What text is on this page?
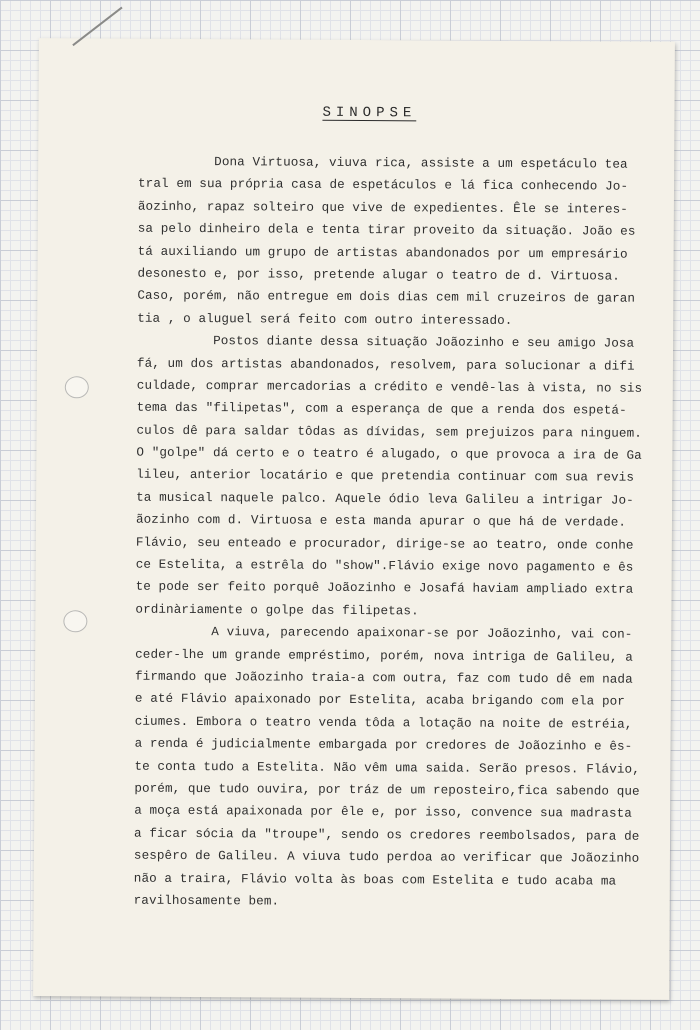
SINOPSE
Dona Virtuosa, viuva rica, assiste a um espetáculo tea
tral em sua própria casa de espetáculos e lá fica conhecendo Jo-
ãozinho, rapaz solteiro que vive de expedientes. Êle se interes-
sa pelo dinheiro dela e tenta tirar proveito da situação. João es
tá auxiliando um grupo de artistas abandonados por um empresário
desonesto e, por isso, pretende alugar o teatro de d. Virtuosa.
Caso, porém, não entregue em dois dias cem mil cruzeiros de garan
tia , o aluguel será feito com outro interessado.
Postos diante dessa situação Joãozinho e seu amigo Josa
fá, um dos artistas abandonados, resolvem, para solucionar a difi
culdade, comprar mercadorias a crédito e vendê-las à vista, no sis
tema das "filipetas", com a esperança de que a renda dos espetá-
culos dê para saldar tôdas as dívidas, sem prejuizos para ninguem.
O "golpe" dá certo e o teatro é alugado, o que provoca a ira de Ga
lileu, anterior locatário e que pretendia continuar com sua revis
ta musical naquele palco. Aquele ódio leva Galileu a intrigar Jo-
ãozinho com d. Virtuosa e esta manda apurar o que há de verdade.
Flávio, seu enteado e procurador, dirige-se ao teatro, onde conhe
ce Estelita, a estrêla do "show".Flávio exige novo pagamento e ês
te pode ser feito porquê Joãozinho e Josafá haviam ampliado extra
ordinàriamente o golpe das filipetas.
A viuva, parecendo apaixonar-se por Joãozinho, vai con-
ceder-lhe um grande empréstimo, porém, nova intriga de Galileu, a
firmando que Joãozinho traia-a com outra, faz com tudo dê em nada
e até Flávio apaixonado por Estelita, acaba brigando com ela por
ciumes. Embora o teatro venda tôda a lotação na noite de estréia,
a renda é judicialmente embargada por credores de Joãozinho e ês-
te conta tudo a Estelita. Não vêm uma saida. Serão presos. Flávio,
porém, que tudo ouvira, por tráz de um reposteiro,fica sabendo que
a moça está apaixonada por êle e, por isso, convence sua madrasta
a ficar sócia da "troupe", sendo os credores reembolsados, para de
sespêro de Galileu. A viuva tudo perdoa ao verificar que Joãozinho
não a traira, Flávio volta às boas com Estelita e tudo acaba ma
ravilhosamente bem.
